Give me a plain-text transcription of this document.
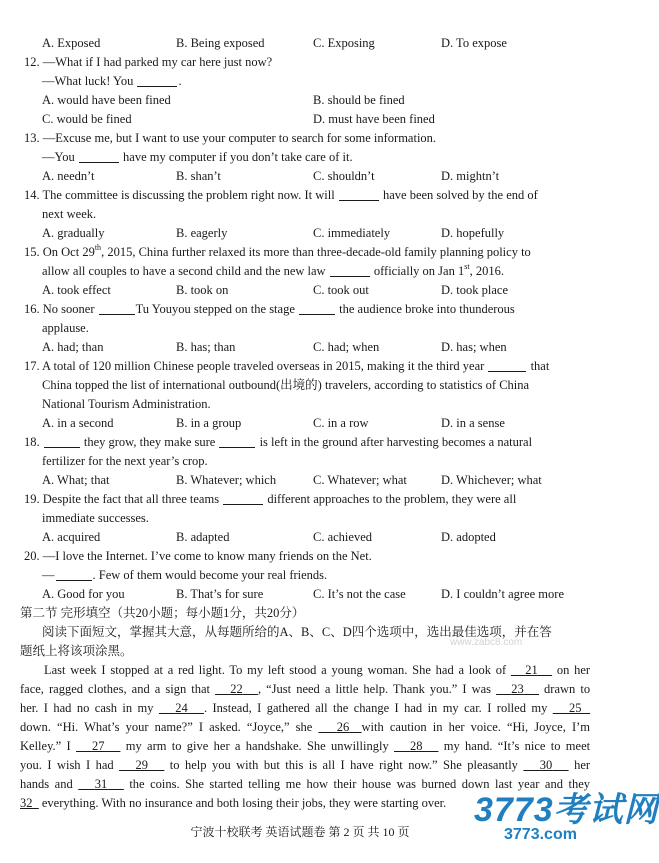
A. Exposed	B. Being exposed	C. Exposing	D. To expose
12. —What if I had parked my car here just now?
—What luck! You	.
A. would have been fined	B. should be fined
C. would be fined	D. must have been fined
13. —Excuse me, but I want to use your computer to search for some information.
—You	have my computer if you don’t take care of it.
A. needn’t	B. shan’t	C. shouldn’t	D. mightn’t
14. The committee is discussing the problem right now. It will	have been solved by the end of
next week.
A. gradually	B. eagerly	C. immediately	D. hopefully
15. On Oct 29th, 2015, China further relaxed its more than three-decade-old family planning policy to
allow all couples to have a second child and the new law	officially on Jan 1st, 2016.
A. took effect	B. took on	C. took out	D. took place
16. No sooner	Tu Youyou stepped on the stage	the audience broke into thunderous
applause.
A. had; than	B. has; than	C. had; when	D. has; when
17. A total of 120 million Chinese people traveled overseas in 2015, making it the third year	that
China topped the list of international outbound(出境的) travelers, according to statistics of China
National Tourism Administration.
A. in a second	B. in a group	C. in a row	D. in a sense
18.	they grow, they make sure	is left in the ground after harvesting becomes a natural
fertilizer for the next year’s crop.
A. What; that	B. Whatever; which	C. Whatever; what	D. Whichever; what
19. Despite the fact that all three teams	different approaches to the problem, they were all
immediate successes.
A. acquired	B. adapted	C. achieved	D. adopted
20. —I love the Internet. I’ve come to know many friends on the Net.
—	. Few of them would become your real friends.
A. Good for you	B. That’s for sure	C. It’s not the case	D. I couldn’t agree more
第二节 完形填空（共20小题；每小题1分，共20分）
阅读下面短文，掌握其大意，从每题所给的A、B、C、D四个选项中，选出最佳选项，并在答
题纸上将该项涂黑。
Last week I stopped at a red light. To my left stood a young woman. She had a look of 21 on her
face, ragged clothes, and a sign that 22 , “Just need a little help. Thank you.” I was 23 drawn to
her. I had no cash in my 24 . Instead, I gathered all the change I had in my car. I rolled my 25
down. “Hi. What’s your name?” I asked. “Joyce,” she 26 with caution in her voice. “Hi, Joyce, I’m
Kelley.” I 27 my arm to give her a handshake. She unwillingly 28 my hand. “It’s nice to meet
you. I wish I had 29 to help you with but this is all I have right now.” She pleasantly 30 her
hands and 31 the coins. She started telling me how their house was burned down last year and they
32 everything. With no insurance and both losing their jobs, they were starting over.
www.zabc8.com
3773考试网
3773.com
宁波十校联考 英语试题卷 第 2 页 共 10 页
